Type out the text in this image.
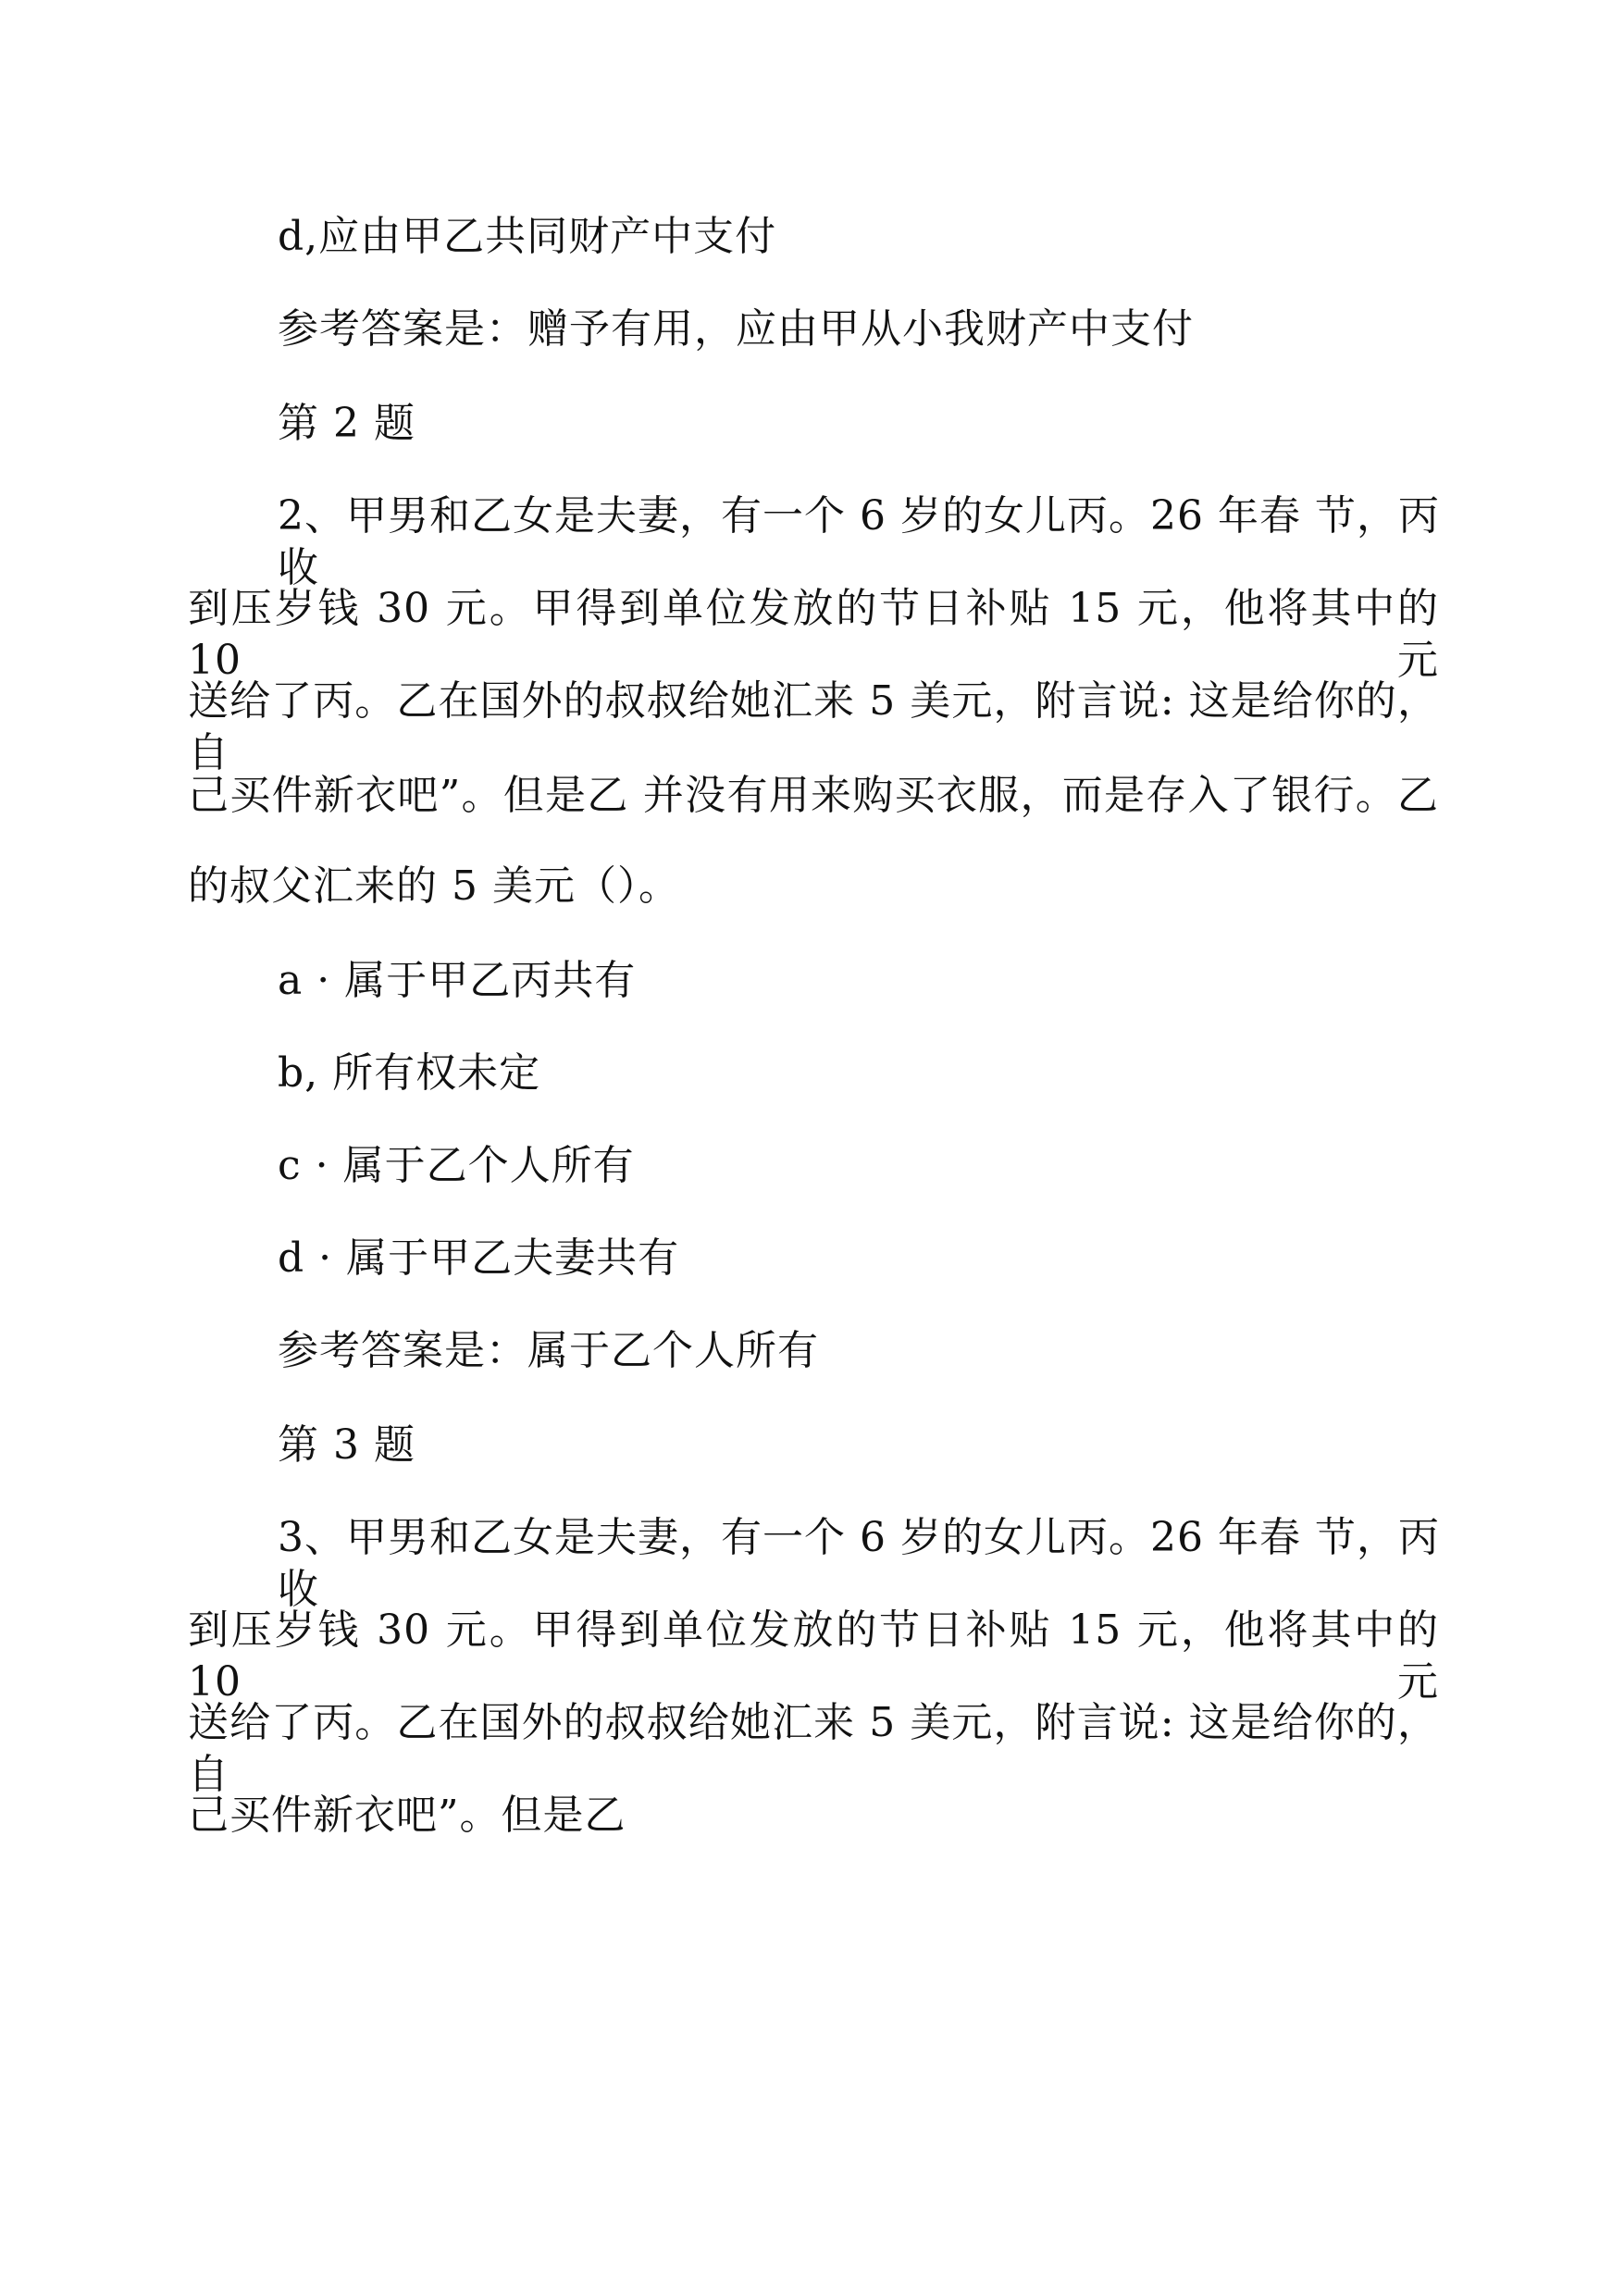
d,应由甲乙共同财产中支付
参考答案是：赠予有用，应由甲从小我财产中支付
第 2 题
2、甲男和乙女是夫妻，有一个 6 岁的女儿丙。26 年春 节，丙收
到压岁钱 30 元。甲得到单位发放的节日补贴 15 元，他将其中的 10 元
送给了丙。乙在国外的叔叔给她汇来 5 美元，附言说: 这是给你的，自
己买件新衣吧”。但是乙 并没有用来购买衣服，而是存入了银行。乙
的叔父汇来的 5 美元（）。
a · 属于甲乙丙共有
b, 所有权未定
c · 属于乙个人所有
d · 属于甲乙夫妻共有
参考答案是：属于乙个人所有
第 3 题
3、甲男和乙女是夫妻，有一个 6 岁的女儿丙。26 年春 节，丙收
到压岁钱 30 元。甲得到单位发放的节日补贴 15 元，他将其中的 10 元
送给了丙。乙在国外的叔叔给她汇来 5 美元，附言说: 这是给你的，自
己买件新衣吧”。但是乙
